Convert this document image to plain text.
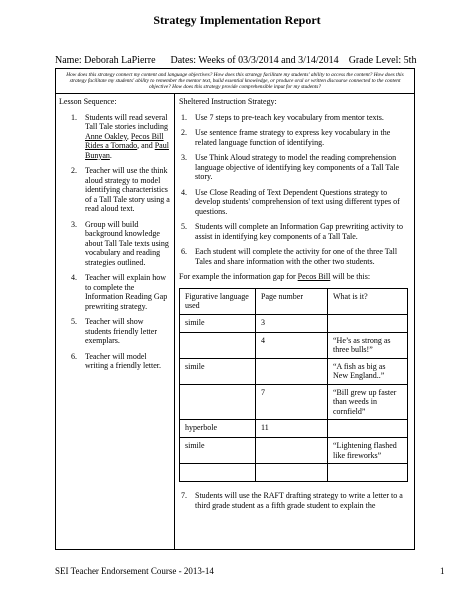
Strategy Implementation Report
Name: Deborah LaPierre Dates: Weeks of 03/3/2014 and 3/14/2014 Grade Level: 5th
How does this strategy connect my content and language objectives? How does this strategy facilitate my students' ability to access the content? How does this strategy facilitate my students' ability to remember the mentor text, build essential knowledge, or produce oral or written discourse connected to the content objective? How does this strategy provide comprehensible input for my students?
Lesson Sequence:
1. Students will read several Tall Tale stories including Anne Oakley, Pecos Bill Rides a Tornado, and Paul Bunyan.
2. Teacher will use the think aloud strategy to model identifying characteristics of a Tall Tale story using a read aloud text.
3. Group will build background knowledge about Tall Tale texts using vocabulary and reading strategies outlined.
4. Teacher will explain how to complete the Information Reading Gap prewriting strategy.
5. Teacher will show students friendly letter exemplars.
6. Teacher will model writing a friendly letter.
Sheltered Instruction Strategy:
1. Use 7 steps to pre-teach key vocabulary from mentor texts.
2. Use sentence frame strategy to express key vocabulary in the related language function of identifying.
3. Use Think Aloud strategy to model the reading comprehension language objective of identifying key components of a Tall Tale story.
4. Use Close Reading of Text Dependent Questions strategy to develop students' comprehension of text using different types of questions.
5. Students will complete an Information Gap prewriting activity to assist in identifying key components of a Tall Tale.
6. Each student will complete the activity for one of the three Tall Tales and share information with the other two students.
For example the information gap for Pecos Bill will be this:
Figurative language used	Page number	What is it?
simile	3	
	4	“He’s as strong as three bulls!”
simile		“A fish as big as New England..”
	7	“Bill grew up faster than weeds in cornfield”
hyperbole	11	
simile		“Lightening flashed like fireworks”

7. Students will use the RAFT drafting strategy to write a letter to a third grade student as a fifth grade student to explain the
SEI Teacher Endorsement Course - 2013-14	1
